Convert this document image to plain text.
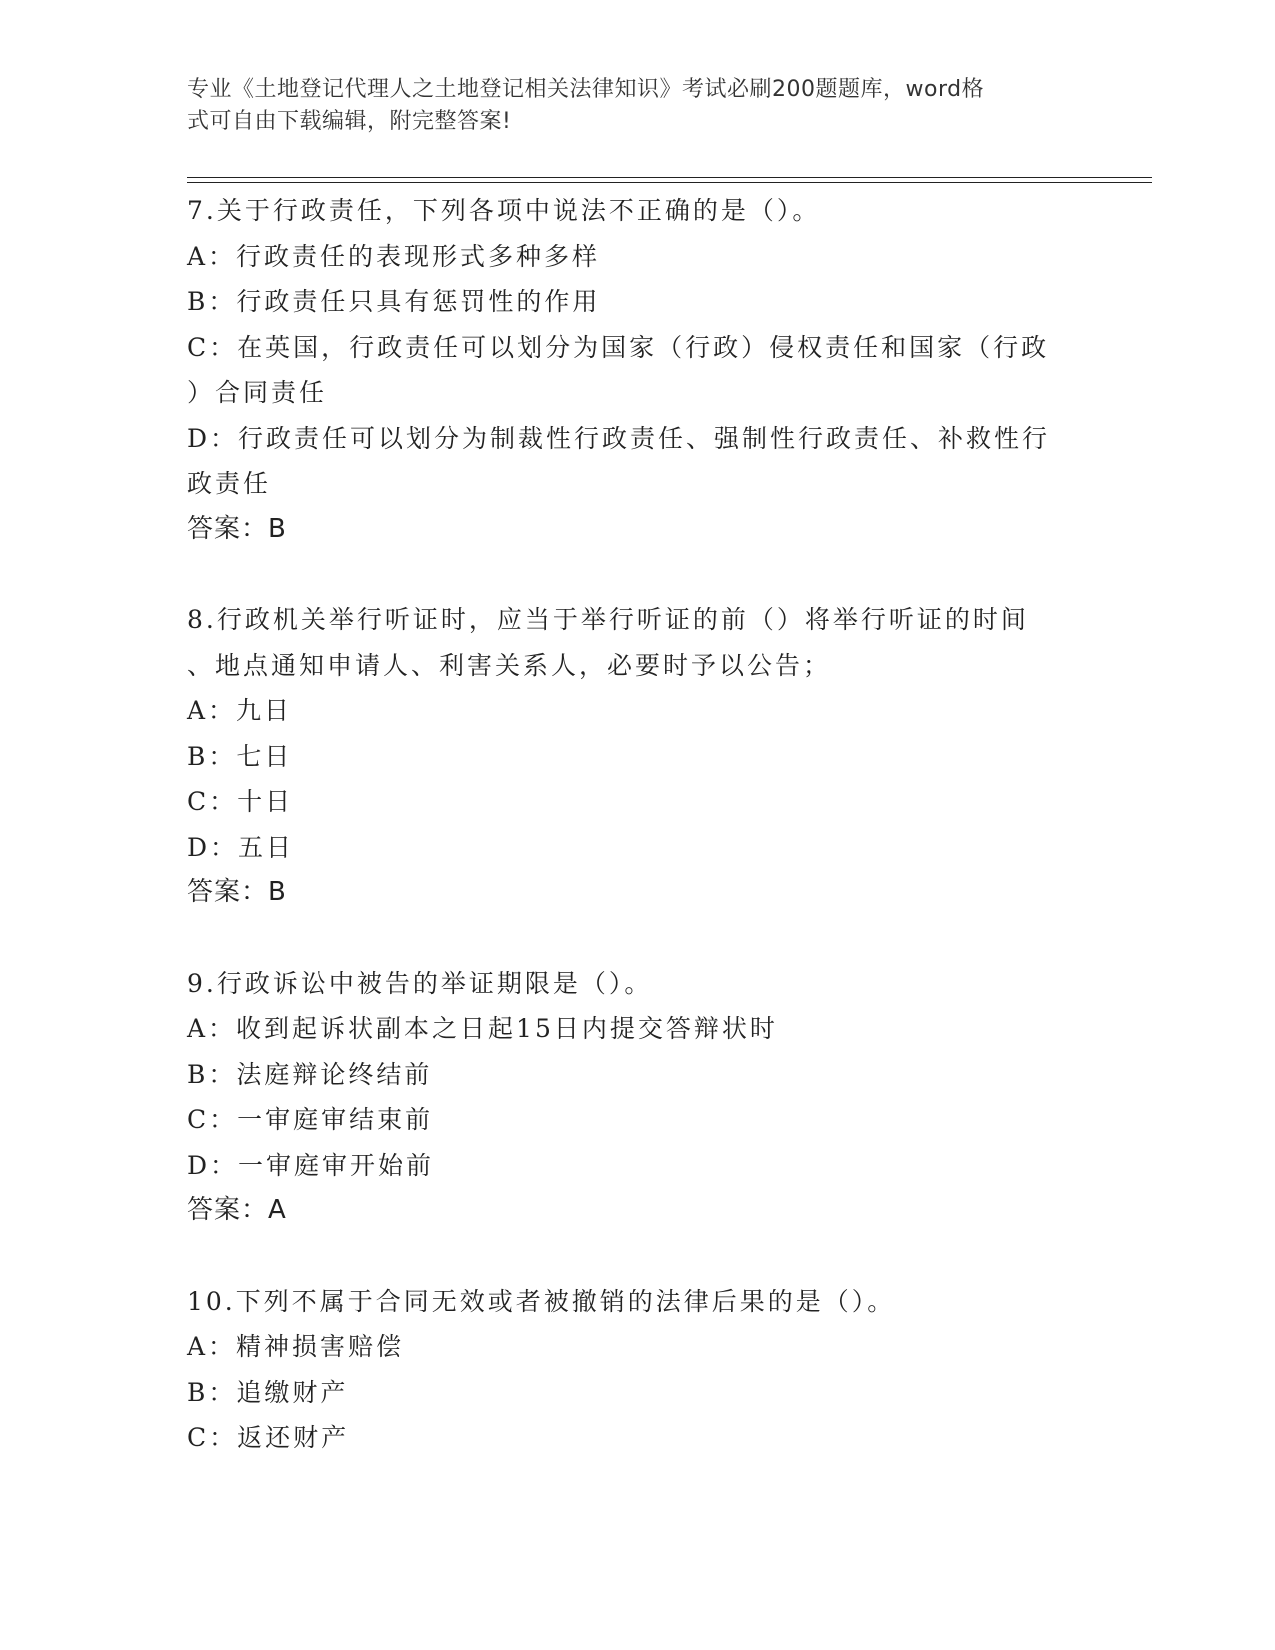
专业《土地登记代理人之土地登记相关法律知识》考试必刷200题题库，word格
式可自由下载编辑，附完整答案!
7.关于行政责任，下列各项中说法不正确的是（）。
A：行政责任的表现形式多种多样
B：行政责任只具有惩罚性的作用
C：在英国，行政责任可以划分为国家（行政）侵权责任和国家（行政
）合同责任
D：行政责任可以划分为制裁性行政责任、强制性行政责任、补救性行
政责任
答案：B
8.行政机关举行听证时，应当于举行听证的前（）将举行听证的时间
、地点通知申请人、利害关系人，必要时予以公告；
A：九日
B：七日
C：十日
D：五日
答案：B
9.行政诉讼中被告的举证期限是（）。
A：收到起诉状副本之日起15日内提交答辩状时
B：法庭辩论终结前
C：一审庭审结束前
D：一审庭审开始前
答案：A
10.下列不属于合同无效或者被撤销的法律后果的是（）。
A：精神损害赔偿
B：追缴财产
C：返还财产
